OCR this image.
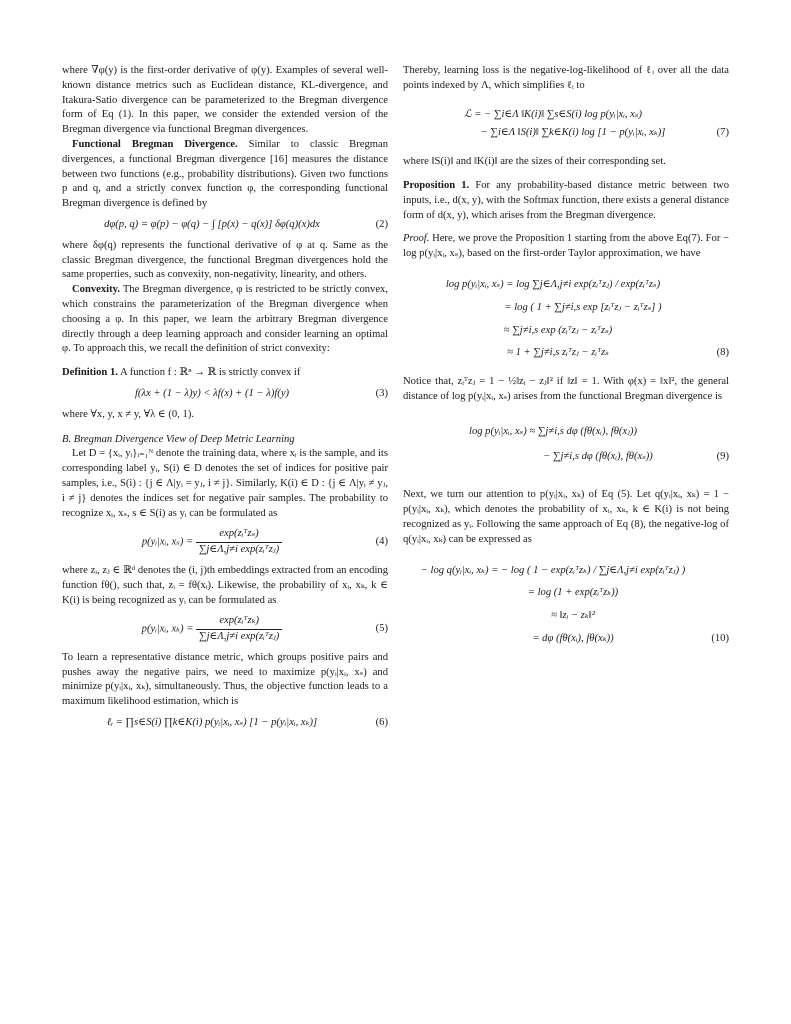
where ∇φ(y) is the first-order derivative of φ(y). Examples of several well-known distance metrics such as Euclidean distance, KL-divergence, and Itakura-Satio divergence can be parameterized to the Bregman divergence form of Eq (1). In this paper, we consider the extended version of the Bregman divergence via functional Bregman divergences.

Functional Bregman Divergence. Similar to classic Bregman divergences, a functional Bregman divergence [16] measures the distance between two functions (e.g., probability distributions). Given two functions p and q, and a strictly convex function φ, the corresponding functional Bregman divergence is defined by

dφ(p, q) = φ(p) − φ(q) − ∫ [p(x) − q(x)] δφ(q)(x)dx	(2)

where δφ(q) represents the functional derivative of φ at q. Same as the classic Bregman divergence, the functional Bregman divergences hold the same properties, such as convexity, non-negativity, linearity, and others.

Convexity. The Bregman divergence, φ is restricted to be strictly convex, which constrains the parameterization of the Bregman divergence when choosing a φ. In this paper, we learn the arbitrary Bregman divergence directly through a deep learning approach and consider learning an optimal φ. To approach this, we recall the definition of strict convexity:

Definition 1. A function f : ℝⁿ → ℝ is strictly convex if

f(λx + (1 − λ)y) < λf(x) + (1 − λ)f(y)	(3)

where ∀x, y, x ≠ y, ∀λ ∈ (0, 1).

B. Bregman Divergence View of Deep Metric Learning

Let D = {xᵢ, yᵢ}ᵢ₌₁ᴺ denote the training data, where xᵢ is the sample, and its corresponding label yᵢ, S(i) ∈ D denotes the set of indices for positive pair samples, i.e., S(i) : {j ∈ Λ|yᵢ = yⱼ, i ≠ j}. Similarly, K(i) ∈ D : {j ∈ Λ|yᵢ ≠ yⱼ, i ≠ j} denotes the indices set for negative pair samples. The probability to recognize xᵢ, xₛ, s ∈ S(i) as yᵢ can be formulated as

p(yᵢ|xᵢ, $x_s) = \frac{\text{exp(zᵢᵀzₛ)}}{\text{∑j∈Λ,j≠i exp(zᵢᵀzⱼ)}}$	(4)

where zᵢ, zⱼ ∈ ℝᵈ denotes the (i, j)th embeddings extracted from an encoding function fθ(), such that, zᵢ = fθ(xᵢ). Likewise, the probability of xᵢ, xₖ, k ∈ K(i) is being recognized as yᵢ can be formulated as

p(yᵢ|xᵢ, $x_k) = \frac{\text{exp(zᵢᵀzₖ)}}{\text{∑j∈Λ,j≠i exp(zᵢᵀzⱼ)}}$	(5)

To learn a representative distance metric, which groups positive pairs and pushes away the negative pairs, we need to maximize p(yᵢ|xᵢ, xₛ) and minimize p(yᵢ|xᵢ, xₖ), simultaneously. Thus, the objective function leads to a maximum likelihood estimation, which is

ℓᵢ = ∏s∈S(i) ∏k∈K(i) p(yᵢ|xᵢ, xₛ) [1 − p(yᵢ|xᵢ, xₖ)]	(6)

Thereby, learning loss is the negative-log-likelihood of ℓᵢ over all the data points indexed by Λ, which simplifies ℓᵢ to

ℒ = − ∑i∈Λ ‖K(i)‖ ∑s∈S(i) log p(yᵢ|xᵢ, xₛ)
− ∑i∈Λ ‖S(i)‖ ∑k∈K(i) log [1 − p(yᵢ|xᵢ, xₖ)]	(7)

where ‖S(i)‖ and ‖K(i)‖ are the sizes of their corresponding set.

Proposition 1. For any probability-based distance metric between two inputs, i.e., d(x, y), with the Softmax function, there exists a general distance form of d(x, y), which arises from the Bregman divergence.

Proof. Here, we prove the Proposition 1 starting from the above Eq(7). For − log p(yᵢ|xᵢ, xₛ), based on the first-order Taylor approximation, we have

log p(yᵢ|xᵢ, xₛ) = log ∑j∈Λ,j≠i exp(zᵢᵀzⱼ) / exp(zᵢᵀzₛ)
= log ( 1 + ∑j≠i,s exp [zᵢᵀzⱼ − zᵢᵀzₛ] )
≈ ∑j≠i,s exp (zᵢᵀzⱼ − zᵢᵀzₛ)
≈ 1 + ∑j≠i,s zᵢᵀzⱼ − zᵢᵀzₛ	(8)

Notice that, zᵢᵀzⱼ = 1 − ½‖zᵢ − zⱼ‖² if ‖z‖ = 1. With φ(x) = ‖x‖², the general distance of log p(yᵢ|xᵢ, xₛ) arises from the functional Bregman divergence is

log p(yᵢ|xᵢ, xₛ) ≈ ∑j≠i,s dφ (fθ(xᵢ), fθ(xⱼ))
− ∑j≠i,s dφ (fθ(xᵢ), fθ(xₛ))	(9)

Next, we turn our attention to p(yᵢ|xᵢ, xₖ) of Eq (5). Let q(yᵢ|xᵢ, xₖ) = 1 − p(yᵢ|xᵢ, xₖ), which denotes the probability of xᵢ, xₖ, k ∈ K(i) is not being recognized as yᵢ. Following the same approach of Eq (8), the negative-log of q(yᵢ|xᵢ, xₖ) can be expressed as

− log q(yᵢ|xᵢ, xₖ) = − log ( 1 − exp(zᵢᵀzₖ) / ∑j∈Λ,j≠i exp(zᵢᵀzⱼ) )
= log (1 + exp(zᵢᵀzₖ))
≈ ‖zᵢ − zₖ‖²
= dφ (fθ(xᵢ), fθ(xₖ))	(10)
